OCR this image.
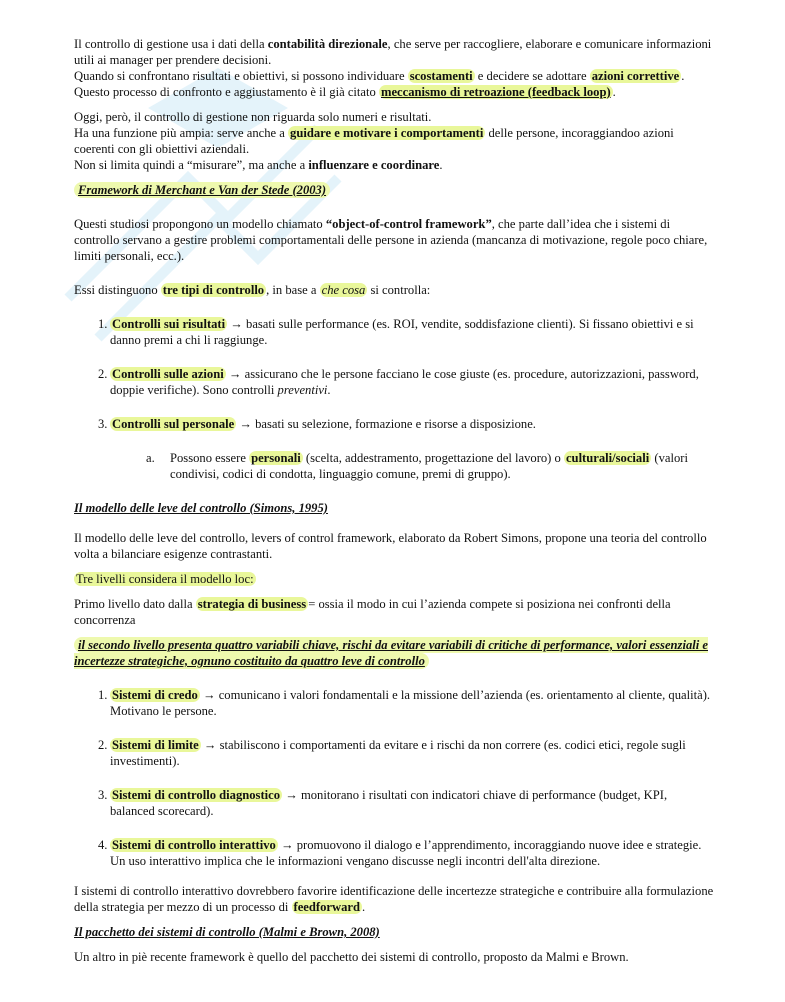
Il controllo di gestione usa i dati della contabilità direzionale, che serve per raccogliere, elaborare e comunicare informazioni utili ai manager per prendere decisioni.

Quando si confrontano risultati e obiettivi, si possono individuare scostamenti e decidere se adottare azioni correttive .

Questo processo di confronto e aggiustamento è il già citato meccanismo di retroazione (feedback loop) .

Oggi, però, il controllo di gestione non riguarda solo numeri e risultati.

Ha una funzione più ampia: serve anche a guidare e motivare i comportamenti delle persone, incoraggiandoo azioni coerenti con gli obiettivi aziendali.

Non si limita quindi a “misurare”, ma anche a influenzare e coordinare.

Framework di Merchant e Van der Stede (2003)

Questi studiosi propongono un modello chiamato “object-of-control framework”, che parte dall’idea che i sistemi di controllo servano a gestire problemi comportamentali delle persone in azienda (mancanza di motivazione, regole poco chiare, limiti personali, ecc.).

Essi distinguono tre tipi di controllo , in base a che cosa si controlla:

1. Controlli sui risultati → basati sulle performance (es. ROI, vendite, soddisfazione clienti). Si fissano obiettivi e si danno premi a chi li raggiunge.
2. Controlli sulle azioni → assicurano che le persone facciano le cose giuste (es. procedure, autorizzazioni, password, doppie verifiche). Sono controlli preventivi.
3. Controlli sul personale → basati su selezione, formazione e risorse a disposizione.
a. Possono essere personali (scelta, addestramento, progettazione del lavoro) o culturali/sociali (valori condivisi, codici di condotta, linguaggio comune, premi di gruppo).

Il modello delle leve del controllo (Simons, 1995)

Il modello delle leve del controllo, levers of control framework, elaborato da Robert Simons, propone una teoria del controllo volta a bilanciare esigenze contrastanti.

Tre livelli considera il modello loc:

Primo livello dato dalla strategia di business = ossia il modo in cui l’azienda compete si posiziona nei confronti della concorrenza

il secondo livello presenta quattro variabili chiave, rischi da evitare variabili di critiche di performance, valori essenziali e incertezze strategiche, ognuno costituito da quattro leve di controllo

1. Sistemi di credo → comunicano i valori fondamentali e la missione dell’azienda (es. orientamento al cliente, qualità). Motivano le persone.
2. Sistemi di limite → stabiliscono i comportamenti da evitare e i rischi da non correre (es. codici etici, regole sugli investimenti).
3. Sistemi di controllo diagnostico → monitorano i risultati con indicatori chiave di performance (budget, KPI, balanced scorecard).
4. Sistemi di controllo interattivo → promuovono il dialogo e l’apprendimento, incoraggiando nuove idee e strategie. Un uso interattivo implica che le informazioni vengano discusse negli incontri dell'alta direzione.

I sistemi di controllo interattivo dovrebbero favorire identificazione delle incertezze strategiche e contribuire alla formulazione della strategia per mezzo di un processo di feedforward .

Il pacchetto dei sistemi di controllo (Malmi e Brown, 2008)

Un altro in piè recente framework è quello del pacchetto dei sistemi di controllo, proposto da Malmi e Brown.
